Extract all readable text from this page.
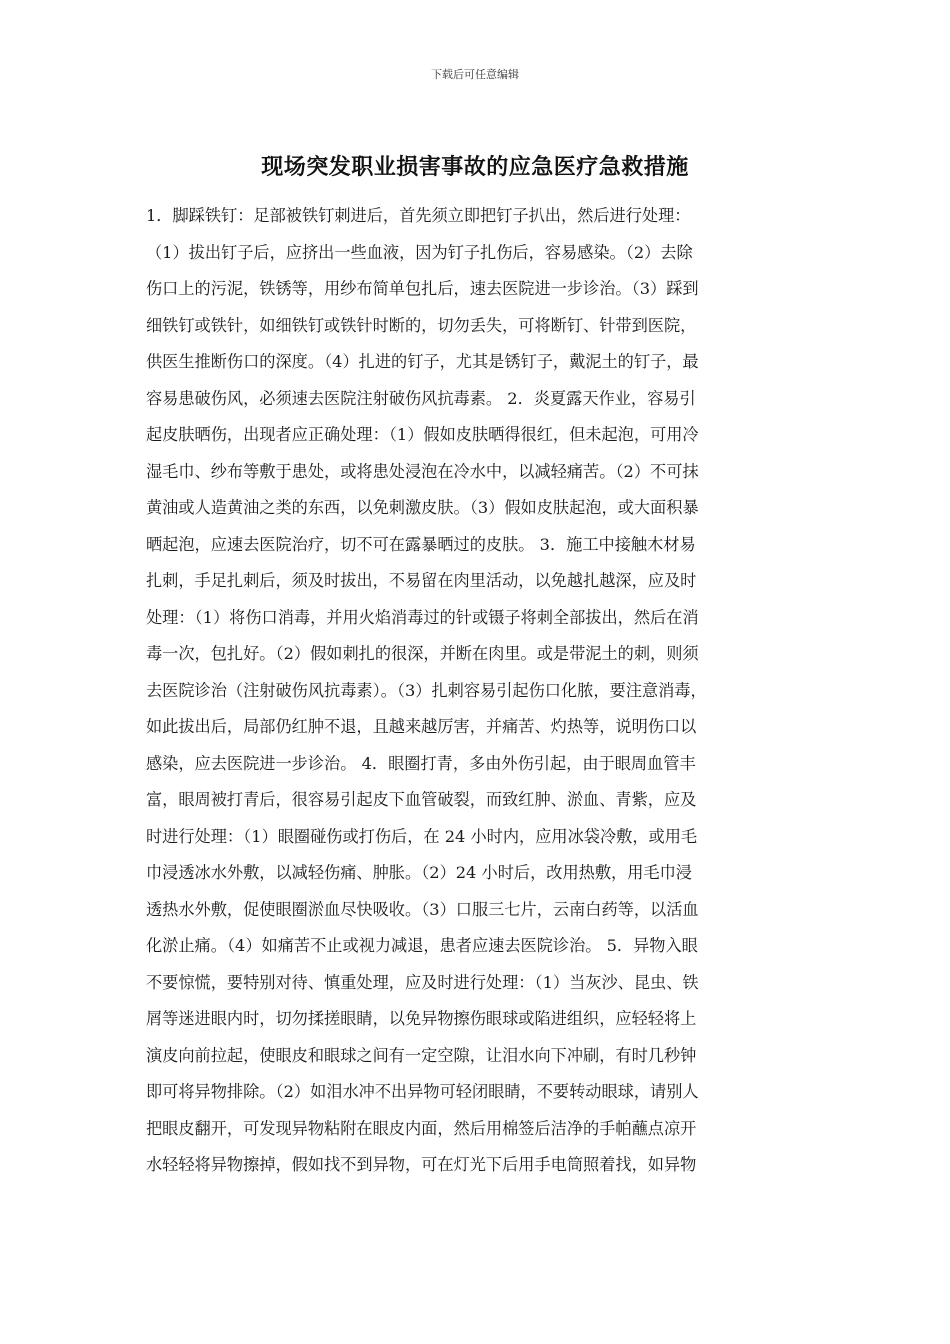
下载后可任意编辑
现场突发职业损害事故的应急医疗急救措施
1．脚踩铁钉：足部被铁钉刺进后，首先须立即把钉子扒出，然后进行处理：
（1）拔出钉子后，应挤出一些血液，因为钉子扎伤后，容易感染。（2）去除
伤口上的污泥，铁锈等，用纱布简单包扎后，速去医院进一步诊治。（3）踩到
细铁钉或铁针，如细铁钉或铁针时断的，切勿丢失，可将断钉、针带到医院，
供医生推断伤口的深度。（4）扎进的钉子，尤其是锈钉子，戴泥土的钉子，最
容易患破伤风，必须速去医院注射破伤风抗毒素。 2．炎夏露天作业，容易引
起皮肤晒伤，出现者应正确处理：（1）假如皮肤晒得很红，但未起泡，可用冷
湿毛巾、纱布等敷于患处，或将患处浸泡在冷水中，以减轻痛苦。（2）不可抹
黄油或人造黄油之类的东西，以免刺激皮肤。（3）假如皮肤起泡，或大面积暴
晒起泡，应速去医院治疗，切不可在露暴晒过的皮肤。 3．施工中接触木材易
扎刺，手足扎刺后，须及时拔出，不易留在肉里活动，以免越扎越深，应及时
处理：（1）将伤口消毒，并用火焰消毒过的针或镊子将刺全部拔出，然后在消
毒一次，包扎好。（2）假如刺扎的很深，并断在肉里。或是带泥土的刺，则须
去医院诊治（注射破伤风抗毒素）。（3）扎刺容易引起伤口化脓，要注意消毒，
如此拔出后，局部仍红肿不退，且越来越厉害，并痛苦、灼热等，说明伤口以
感染，应去医院进一步诊治。 4．眼圈打青，多由外伤引起，由于眼周血管丰
富，眼周被打青后，很容易引起皮下血管破裂，而致红肿、淤血、青紫，应及
时进行处理：（1）眼圈碰伤或打伤后，在 24 小时内，应用冰袋冷敷，或用毛
巾浸透冰水外敷，以减轻伤痛、肿胀。（2）24 小时后，改用热敷，用毛巾浸
透热水外敷，促使眼圈淤血尽快吸收。（3）口服三七片，云南白药等，以活血
化淤止痛。（4）如痛苦不止或视力减退，患者应速去医院诊治。 5．异物入眼
不要惊慌，要特别对待、慎重处理，应及时进行处理：（1）当灰沙、昆虫、铁
屑等迷进眼内时，切勿揉搓眼睛，以免异物擦伤眼球或陷进组织，应轻轻将上
演皮向前拉起，使眼皮和眼球之间有一定空隙，让泪水向下冲刷，有时几秒钟
即可将异物排除。（2）如泪水冲不出异物可轻闭眼睛，不要转动眼球，请别人
把眼皮翻开，可发现异物粘附在眼皮内面，然后用棉签后洁净的手帕蘸点凉开
水轻轻将异物擦掉，假如找不到异物，可在灯光下后用手电筒照着找，如异物
